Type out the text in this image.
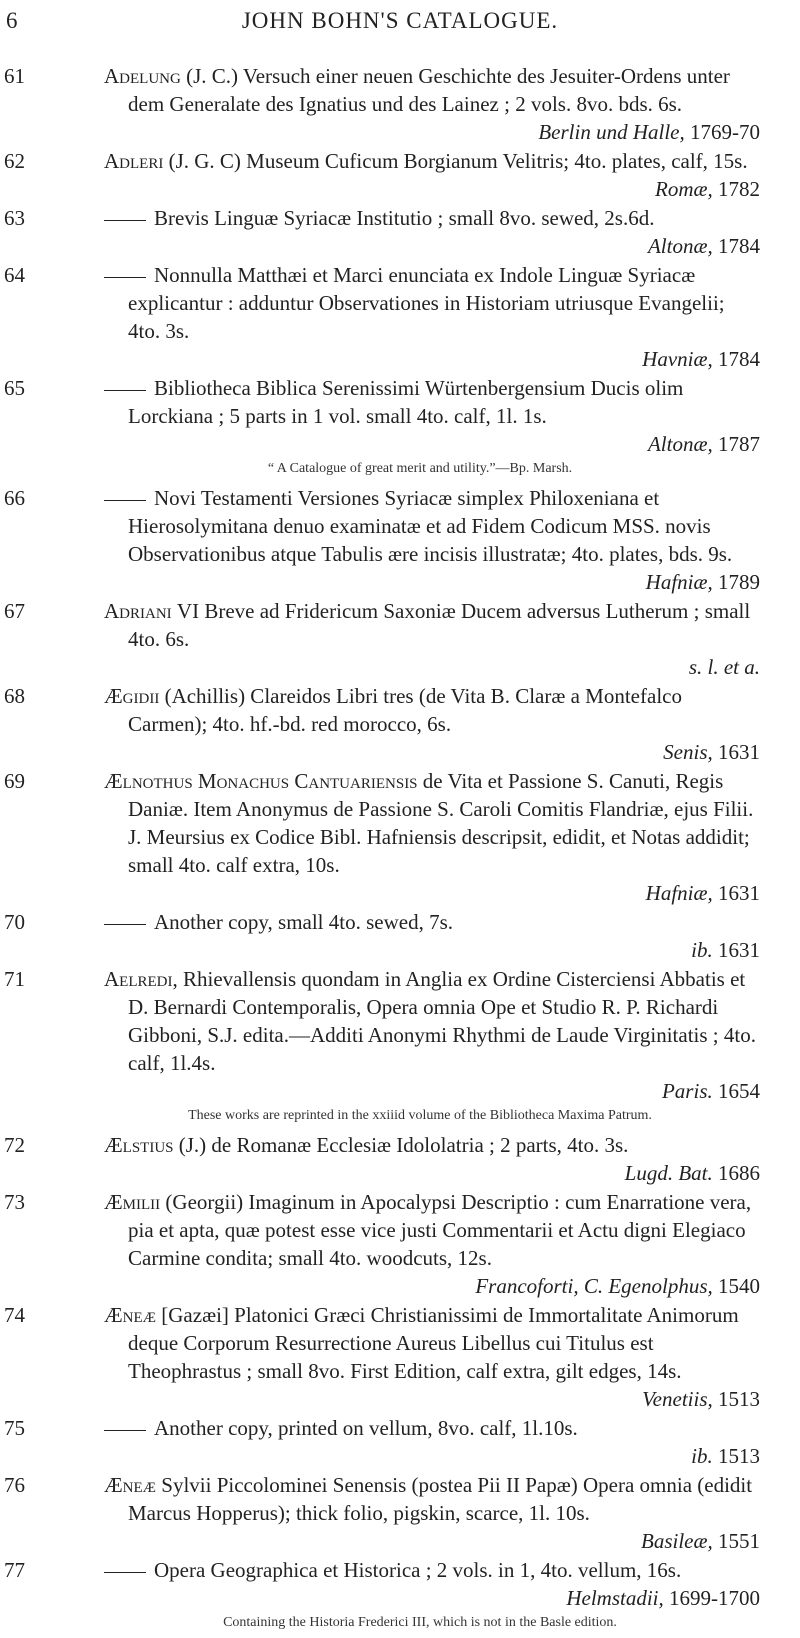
6	JOHN BOHN'S CATALOGUE.
61	Adelung (J. C.) Versuch einer neuen Geschichte des Jesuiter-Ordens unter dem Generalate des Ignatius und des Lainez ; 2 vols. 8vo. bds. 6s.
Berlin und Halle, 1769-70
62	Adleri (J. G. C) Museum Cuficum Borgianum Velitris; 4to. plates, calf, 15s.
Romæ, 1782
63	Brevis Linguæ Syriacæ Institutio ; small 8vo. sewed, 2s.6d.
Altonæ, 1784
64	Nonnulla Matthæi et Marci enunciata ex Indole Linguæ Syriacæ explicantur : adduntur Observationes in Historiam utriusque Evangelii; 4to. 3s.
Havniæ, 1784
65	Bibliotheca Biblica Serenissimi Würtenbergensium Ducis olim Lorckiana ; 5 parts in 1 vol. small 4to. calf, 1l. 1s.
Altonæ, 1787
“ A Catalogue of great merit and utility.”—Bp. Marsh.
66	Novi Testamenti Versiones Syriacæ simplex Philoxeniana et Hierosolymitana denuo examinatæ et ad Fidem Codicum MSS. novis Observationibus atque Tabulis ære incisis illustratæ; 4to. plates, bds. 9s.
Hafniæ, 1789
67	Adriani VI Breve ad Fridericum Saxoniæ Ducem adversus Lutherum ; small 4to. 6s.
s. l. et a.
68	Ægidii (Achillis) Clareidos Libri tres (de Vita B. Claræ a Montefalco Carmen); 4to. hf.-bd. red morocco, 6s.
Senis, 1631
69	Ælnothus Monachus Cantuariensis de Vita et Passione S. Canuti, Regis Daniæ. Item Anonymus de Passione S. Caroli Comitis Flandriæ, ejus Filii. J. Meursius ex Codice Bibl. Hafniensis descripsit, edidit, et Notas addidit; small 4to. calf extra, 10s.
Hafniæ, 1631
70	Another copy, small 4to. sewed, 7s.
ib. 1631
71	Aelredi, Rhievallensis quondam in Anglia ex Ordine Cisterciensi Abbatis et D. Bernardi Contemporalis, Opera omnia Ope et Studio R. P. Richardi Gibboni, S.J. edita.—Additi Anonymi Rhythmi de Laude Virginitatis ; 4to. calf, 1l.4s.
Paris. 1654
These works are reprinted in the xxiiid volume of the Bibliotheca Maxima Patrum.
72	Ælstius (J.) de Romanæ Ecclesiæ Idololatria ; 2 parts, 4to. 3s.
Lugd. Bat. 1686
73	Æmilii (Georgii) Imaginum in Apocalypsi Descriptio : cum Enarratione vera, pia et apta, quæ potest esse vice justi Commentarii et Actu digni Elegiaco Carmine condita; small 4to. woodcuts, 12s.
Francoforti, C. Egenolphus, 1540
74	Æneæ [Gazæi] Platonici Græci Christianissimi de Immortalitate Animorum deque Corporum Resurrectione Aureus Libellus cui Titulus est Theophrastus ; small 8vo. First Edition, calf extra, gilt edges, 14s.
Venetiis, 1513
75	Another copy, printed on vellum, 8vo. calf, 1l.10s.
ib. 1513
76	Æneæ Sylvii Piccolominei Senensis (postea Pii II Papæ) Opera omnia (edidit Marcus Hopperus); thick folio, pigskin, scarce, 1l. 10s.
Basileæ, 1551
77	Opera Geographica et Historica ; 2 vols. in 1, 4to. vellum, 16s.
Helmstadii, 1699-1700
Containing the Historia Frederici III, which is not in the Basle edition.
